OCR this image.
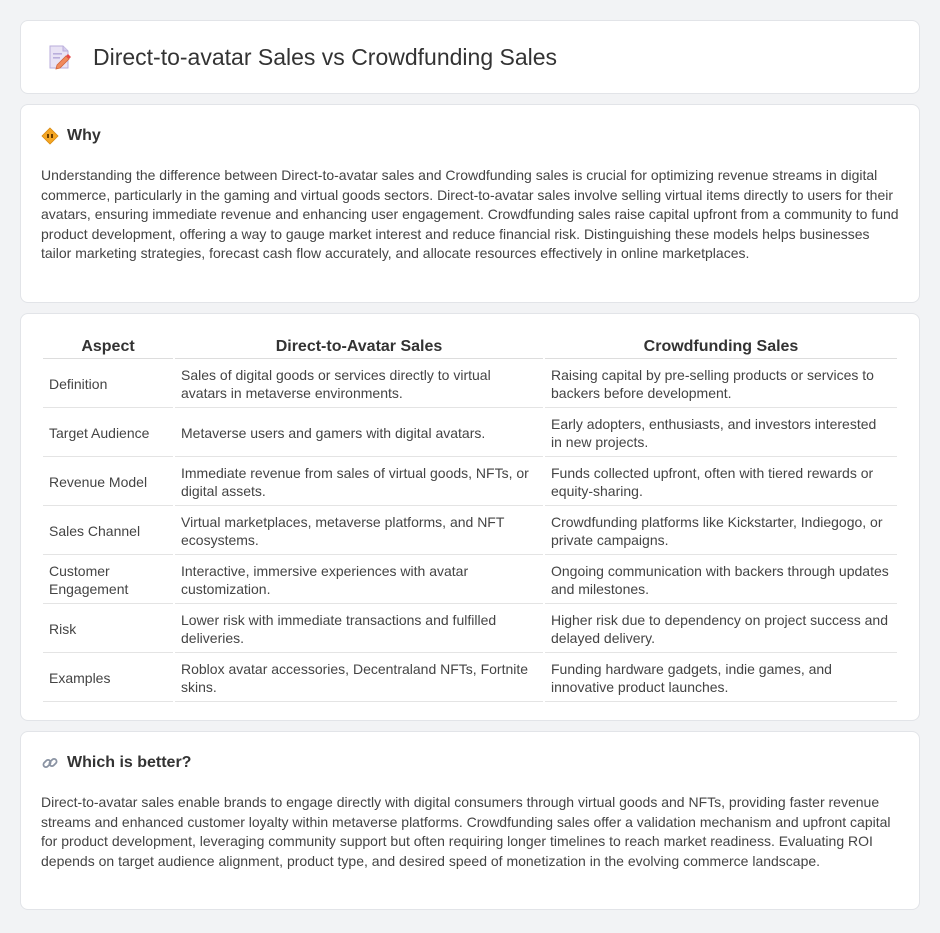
Direct-to-avatar Sales vs Crowdfunding Sales
Why

Understanding the difference between Direct-to-avatar sales and Crowdfunding sales is crucial for optimizing revenue streams in digital commerce, particularly in the gaming and virtual goods sectors. Direct-to-avatar sales involve selling virtual items directly to users for their avatars, ensuring immediate revenue and enhancing user engagement. Crowdfunding sales raise capital upfront from a community to fund product development, offering a way to gauge market interest and reduce financial risk. Distinguishing these models helps businesses tailor marketing strategies, forecast cash flow accurately, and allocate resources effectively in online marketplaces.

Aspect	Direct-to-Avatar Sales	Crowdfunding Sales
Definition	Sales of digital goods or services directly to virtual avatars in metaverse environments.	Raising capital by pre-selling products or services to backers before development.
Target Audience	Metaverse users and gamers with digital avatars.	Early adopters, enthusiasts, and investors interested in new projects.
Revenue Model	Immediate revenue from sales of virtual goods, NFTs, or digital assets.	Funds collected upfront, often with tiered rewards or equity-sharing.
Sales Channel	Virtual marketplaces, metaverse platforms, and NFT ecosystems.	Crowdfunding platforms like Kickstarter, Indiegogo, or private campaigns.
Customer Engagement	Interactive, immersive experiences with avatar customization.	Ongoing communication with backers through updates and milestones.
Risk	Lower risk with immediate transactions and fulfilled deliveries.	Higher risk due to dependency on project success and delayed delivery.
Examples	Roblox avatar accessories, Decentraland NFTs, Fortnite skins.	Funding hardware gadgets, indie games, and innovative product launches.
Which is better?

Direct-to-avatar sales enable brands to engage directly with digital consumers through virtual goods and NFTs, providing faster revenue streams and enhanced customer loyalty within metaverse platforms. Crowdfunding sales offer a validation mechanism and upfront capital for product development, leveraging community support but often requiring longer timelines to reach market readiness. Evaluating ROI depends on target audience alignment, product type, and desired speed of monetization in the evolving commerce landscape.
